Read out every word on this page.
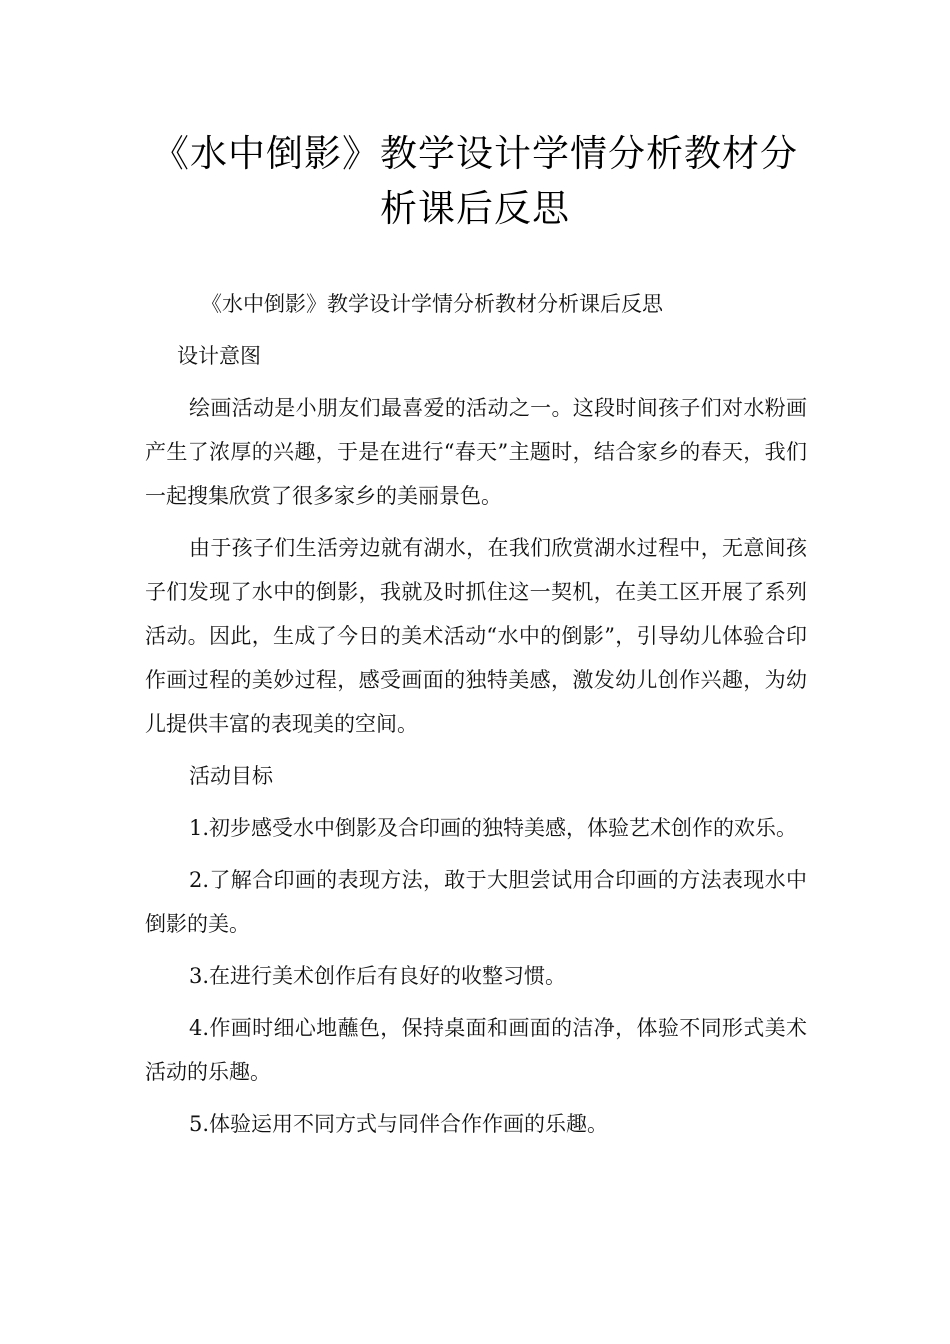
《水中倒影》教学设计学情分析教材分析课后反思

《水中倒影》教学设计学情分析教材分析课后反思

设计意图

绘画活动是小朋友们最喜爱的活动之一。这段时间孩子们对水粉画产生了浓厚的兴趣，于是在进行“春天”主题时，结合家乡的春天，我们一起搜集欣赏了很多家乡的美丽景色。

由于孩子们生活旁边就有湖水，在我们欣赏湖水过程中，无意间孩子们发现了水中的倒影，我就及时抓住这一契机，在美工区开展了系列活动。因此，生成了今日的美术活动“水中的倒影”，引导幼儿体验合印作画过程的美妙过程，感受画面的独特美感，激发幼儿创作兴趣，为幼儿提供丰富的表现美的空间。

活动目标

1.初步感受水中倒影及合印画的独特美感，体验艺术创作的欢乐。

2.了解合印画的表现方法，敢于大胆尝试用合印画的方法表现水中倒影的美。

3.在进行美术创作后有良好的收整习惯。

4.作画时细心地蘸色，保持桌面和画面的洁净，体验不同形式美术活动的乐趣。

5.体验运用不同方式与同伴合作作画的乐趣。
